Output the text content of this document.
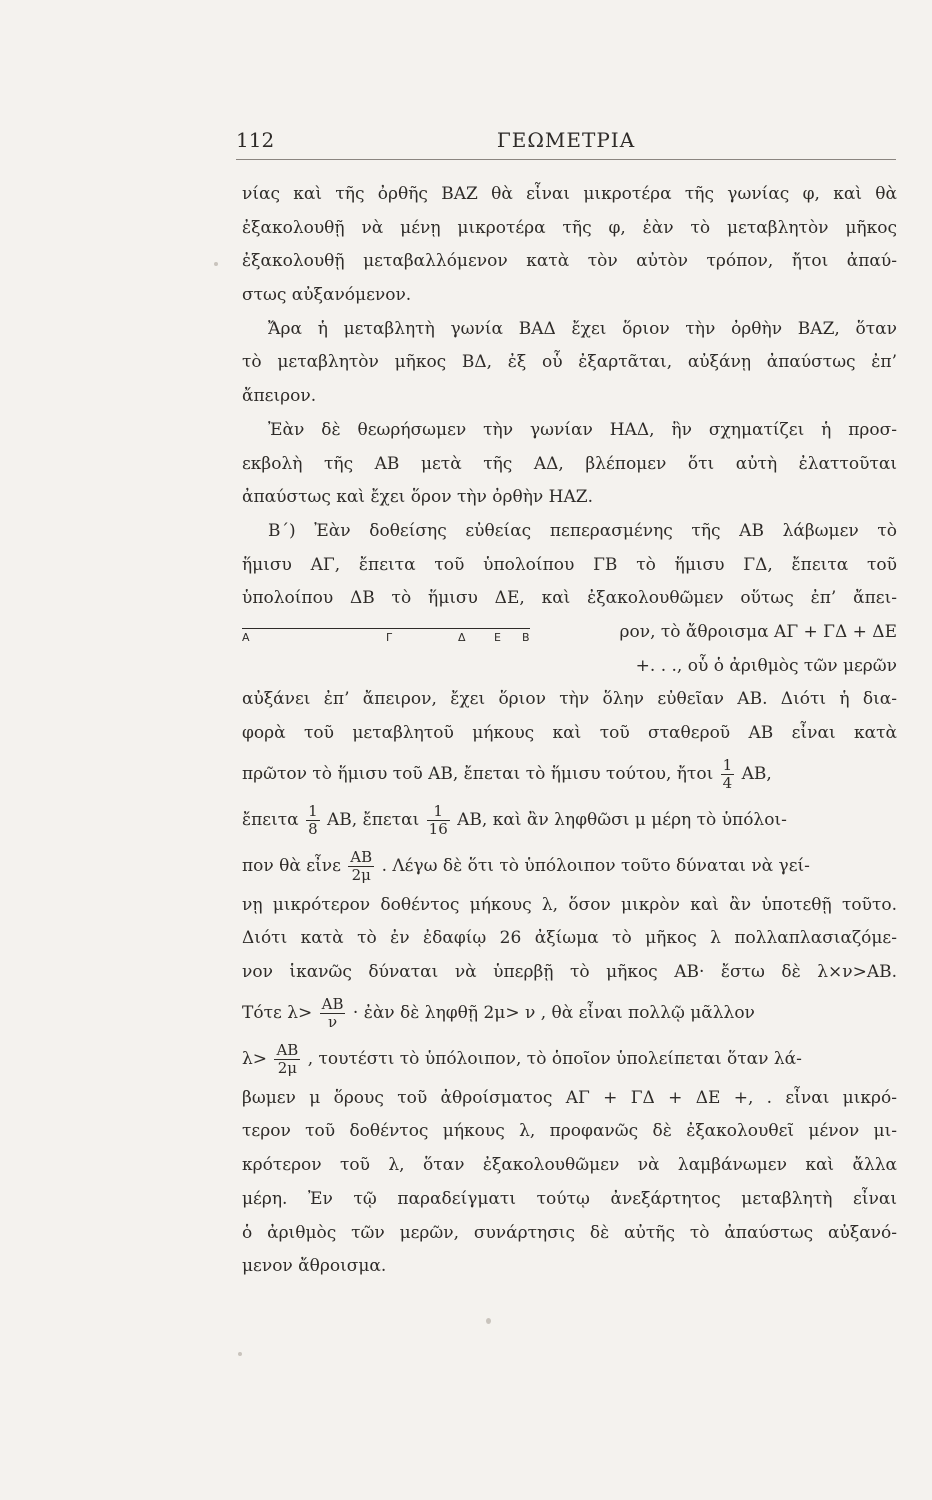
112	ΓΕΩΜΕΤΡΙΑ
νίας καὶ τῆς ὀρθῆς ΒΑΖ θὰ εἶναι μικροτέρα τῆς γωνίας φ, καὶ θὰ
ἐξακολουθῇ νὰ μένῃ μικροτέρα τῆς φ, ἐὰν τὸ μεταβλητὸν μῆκος
ἐξακολουθῇ μεταβαλλόμενον κατὰ τὸν αὐτὸν τρόπον, ἤτοι ἀπαύ-
στως αὐξανόμενον.
Ἄρα ἡ μεταβλητὴ γωνία ΒΑΔ ἔχει ὅριον τὴν ὀρθὴν ΒΑΖ, ὅταν
τὸ μεταβλητὸν μῆκος ΒΔ, ἐξ οὗ ἐξαρτᾶται, αὐξάνῃ ἀπαύστως ἐπ’
ἄπειρον.
Ἐὰν δὲ θεωρήσωμεν τὴν γωνίαν ΗΑΔ, ἣν σχηματίζει ἡ προσ-
εκβολὴ τῆς ΑΒ μετὰ τῆς ΑΔ, βλέπομεν ὅτι αὐτὴ ἐλαττοῦται
ἀπαύστως καὶ ἔχει ὅρον τὴν ὀρθὴν ΗΑΖ.
Β΄) Ἐὰν δοθείσης εὐθείας πεπερασμένης τῆς ΑΒ λάβωμεν τὸ
ἥμισυ ΑΓ, ἔπειτα τοῦ ὑπολοίπου ΓΒ τὸ ἥμισυ ΓΔ, ἔπειτα τοῦ
ὑπολοίπου ΔΒ τὸ ἥμισυ ΔΕ, καὶ ἐξακολουθῶμεν οὕτως ἐπ’ ἄπει-
ρον, τὸ ἄθροισμα ΑΓ + ΓΔ + ΔΕ
+. . ., οὗ ὁ ἀριθμὸς τῶν μερῶν
αὐξάνει ἐπ’ ἄπειρον, ἔχει ὅριον τὴν ὅλην εὐθεῖαν ΑΒ. Διότι ἡ δια-
φορὰ τοῦ μεταβλητοῦ μήκους καὶ τοῦ σταθεροῦ ΑΒ εἶναι κατὰ
πρῶτον τὸ ἥμισυ τοῦ ΑΒ, ἔπεται τὸ ἥμισυ τούτου, ἤτοι $\frac{1}{4} AB$,
ἔπειτα $\frac{1}{8} AB$, ἔπεται $\frac{1}{16} AB$, καὶ ἂν ληφθῶσι μ μέρη τὸ ὑπόλοι-
πον θὰ εἶνε $\frac{AB}{2\mu}$ . Λέγω δὲ ὅτι τὸ ὑπόλοιπον τοῦτο δύναται νὰ γεί-
νῃ μικρότερον δοθέντος μήκους λ, ὅσον μικρὸν καὶ ἂν ὑποτεθῇ τοῦτο.
Διότι κατὰ τὸ ἐν ἐδαφίῳ 26 ἀξίωμα τὸ μῆκος λ πολλαπλασιαζόμε-
νον ἱκανῶς δύναται νὰ ὑπερβῇ τὸ μῆκος ΑΒ· ἔστω δὲ λ×ν>ΑΒ.
Τότε $\lambda> \frac{AB}{\nu}$ · ἐὰν δὲ ληφθῇ 2μ> ν , θὰ εἶναι πολλῷ μᾶλλον
$\lambda> \frac{AB}{2\mu}$ , τουτέστι τὸ ὑπόλοιπον, τὸ ὁποῖον ὑπολείπεται ὅταν λά-
βωμεν μ ὅρους τοῦ ἀθροίσματος ΑΓ + ΓΔ + ΔΕ +, . εἶναι μικρό-
τερον τοῦ δοθέντος μήκους λ, προφανῶς δὲ ἐξακολουθεῖ μένον μι-
κρότερον τοῦ λ, ὅταν ἐξακολουθῶμεν νὰ λαμβάνωμεν καὶ ἄλλα
μέρη. Ἐν τῷ παραδείγματι τούτῳ ἀνεξάρτητος μεταβλητὴ εἶναι
ὁ ἀριθμὸς τῶν μερῶν, συνάρτησις δὲ αὐτῆς τὸ ἀπαύστως αὐξανό-
μενον ἄθροισμα.
A	Γ	Δ	E B
